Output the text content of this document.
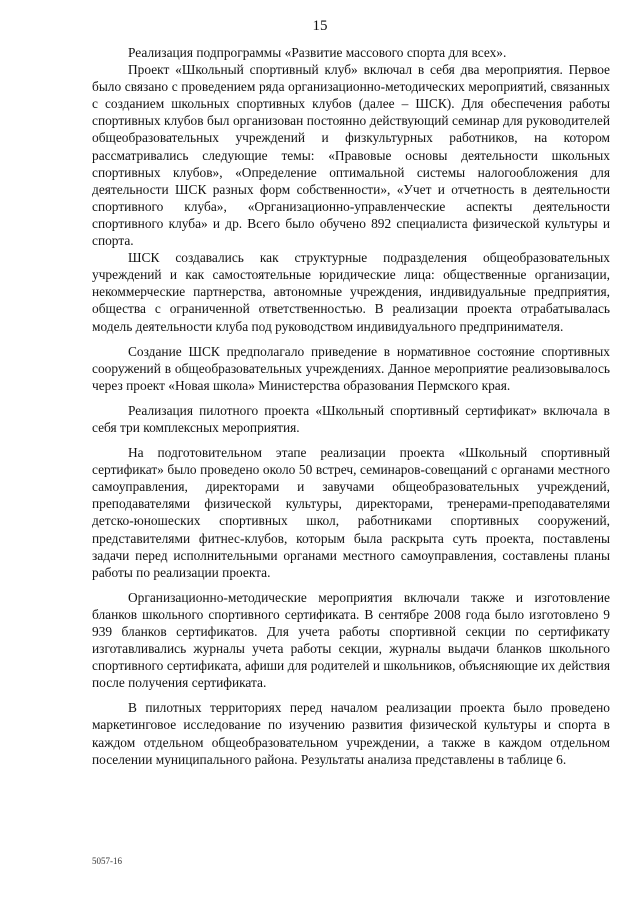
15

Реализация подпрограммы «Развитие массового спорта для всех».

Проект «Школьный спортивный клуб» включал в себя два мероприятия. Первое было связано с проведением ряда организационно-методических мероприятий, связанных с созданием школьных спортивных клубов (далее – ШСК). Для обеспечения работы спортивных клубов был организован постоянно действующий семинар для руководителей общеобразовательных учреждений и физкультурных работников, на котором рассматривались следующие темы: «Правовые основы деятельности школьных спортивных клубов», «Определение оптимальной системы налогообложения для деятельности ШСК разных форм собственности», «Учет и отчетность в деятельности спортивного клуба», «Организационно-управленческие аспекты деятельности спортивного клуба» и др. Всего было обучено 892 специалиста физической культуры и спорта.

ШСК создавались как структурные подразделения общеобразовательных учреждений и как самостоятельные юридические лица: общественные организации, некоммерческие партнерства, автономные учреждения, индивидуальные предприятия, общества с ограниченной ответственностью. В реализации проекта отрабатывалась модель деятельности клуба под руководством индивидуального предпринимателя.

Создание ШСК предполагало приведение в нормативное состояние спортивных сооружений в общеобразовательных учреждениях. Данное мероприятие реализовывалось через проект «Новая школа» Министерства образования Пермского края.

Реализация пилотного проекта «Школьный спортивный сертификат» включала в себя три комплексных мероприятия.

На подготовительном этапе реализации проекта «Школьный спортивный сертификат» было проведено около 50 встреч, семинаров-совещаний с органами местного самоуправления, директорами и завучами общеобразовательных учреждений, преподавателями физической культуры, директорами, тренерами-преподавателями детско-юношеских спортивных школ, работниками спортивных сооружений, представителями фитнес-клубов, которым была раскрыта суть проекта, поставлены задачи перед исполнительными органами местного самоуправления, составлены планы работы по реализации проекта.

Организационно-методические мероприятия включали также и изготовление бланков школьного спортивного сертификата. В сентябре 2008 года было изготовлено 9 939 бланков сертификатов. Для учета работы спортивной секции по сертификату изготавливались журналы учета работы секции, журналы выдачи бланков школьного спортивного сертификата, афиши для родителей и школьников, объясняющие их действия после получения сертификата.

В пилотных территориях перед началом реализации проекта было проведено маркетинговое исследование по изучению развития физической культуры и спорта в каждом отдельном общеобразовательном учреждении, а также в каждом отдельном поселении муниципального района. Результаты анализа представлены в таблице 6.

5057-16
